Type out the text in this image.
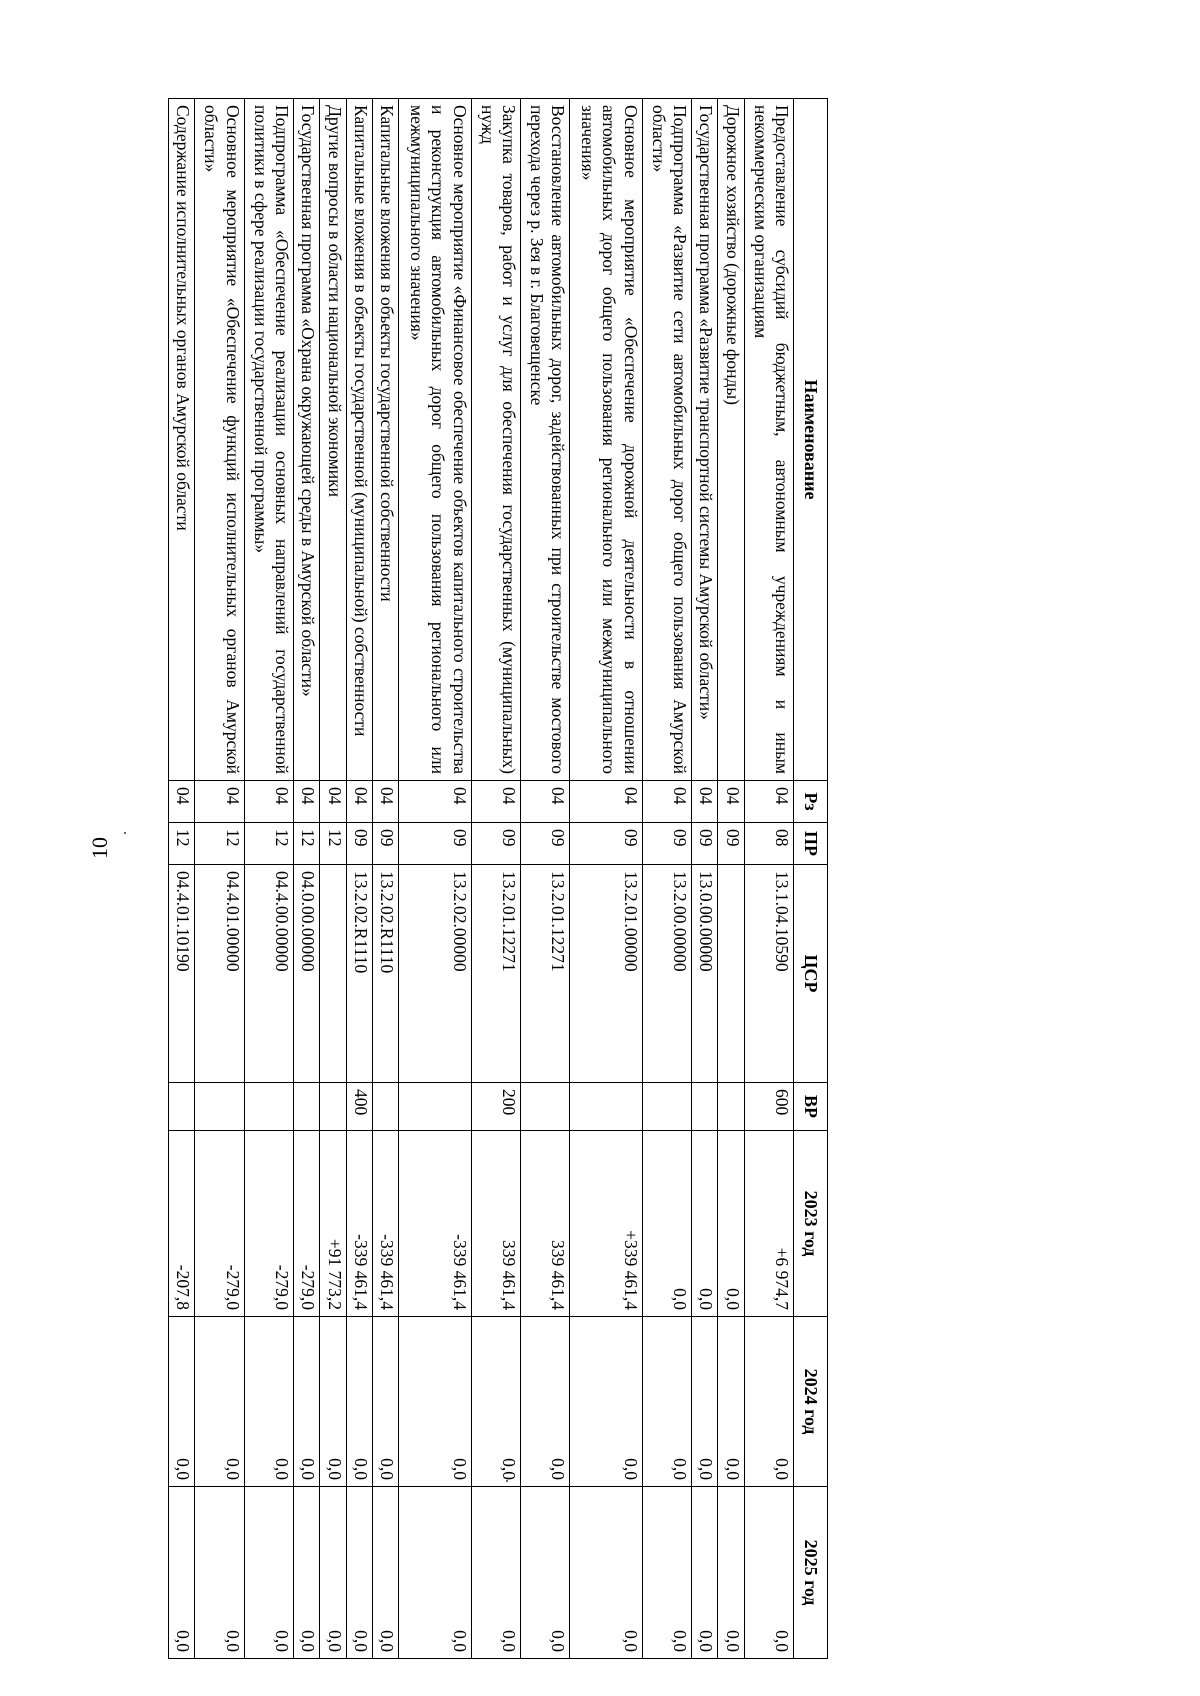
10
Наименование	Рз	ПР	ЦСР	ВР	2023 год	2024 год	2025 год
Предоставление субсидий бюджетным, автономным учреждениям и иным некоммерческим организациям	04	08	13.1.04.10590	600	+6 974,7	0,0	0,0
Дорожное хозяйство (дорожные фонды)	04	09			0,0	0,0	0,0
Государственная программа «Развитие транспортной системы Амурской области»	04	09	13.0.00.00000		0,0	0,0	0,0
Подпрограмма «Развитие сети автомобильных дорог общего пользования Амурской области»	04	09	13.2.00.00000		0,0	0,0	0,0
Основное мероприятие «Обеспечение дорожной деятельности в отношении автомобильных дорог общего пользования регионального или межмуниципального значения»	04	09	13.2.01.00000		+339 461,4	0,0	0,0
Восстановление автомобильных дорог, задействованных при строительстве мостового перехода через р. Зея в г. Благовещенске	04	09	13.2.01.12271		339 461,4	0,0	0,0
Закупка товаров, работ и услуг для обеспечения государственных (муниципальных) нужд	04	09	13.2.01.12271	200	339 461,4	0,0	0,0
Основное мероприятие «Финансовое обеспечение объектов капитального строительства и реконструкция автомобильных дорог общего пользования регионального или межмуниципального значения»	04	09	13.2.02.00000		-339 461,4	0,0	0,0
Капитальные вложения в объекты государственной собственности	04	09	13.2.02.R1110		-339 461,4	0,0	0,0
Капитальные вложения в объекты государственной (муниципальной) собственности	04	09	13.2.02.R1110	400	-339 461,4	0,0	0,0
Другие вопросы в области национальной экономики	04	12			+91 773,2	0,0	0,0
Государственная программа «Охрана окружающей среды в Амурской области»	04	12	04.0.00.00000		-279,0	0,0	0,0
Подпрограмма «Обеспечение реализации основных направлений государственной политики в сфере реализации государственной программы»	04	12	04.4.00.00000		-279,0	0,0	0,0
Основное мероприятие «Обеспечение функций исполнительных органов Амурской области»	04	12	04.4.01.00000		-279,0	0,0	0,0
Содержание исполнительных органов Амурской области	04	12	04.4.01.10190		-207,8	0,0	0,0
